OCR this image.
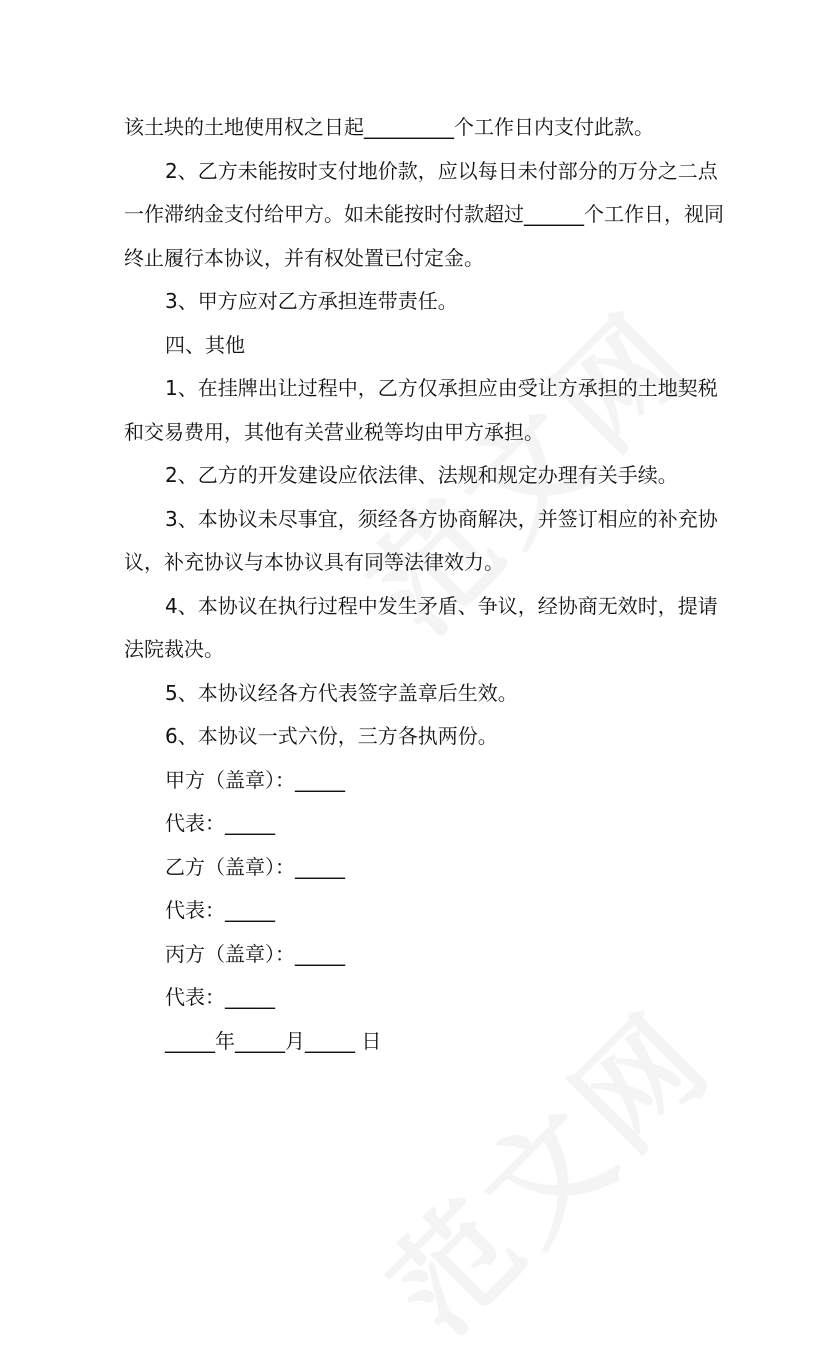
该土块的土地使用权之日起_________个工作日内支付此款。
2、乙方未能按时支付地价款，应以每日未付部分的万分之二点
一作滞纳金支付给甲方。如未能按时付款超过______个工作日，视同
终止履行本协议，并有权处置已付定金。
3、甲方应对乙方承担连带责任。
四、其他
1、在挂牌出让过程中，乙方仅承担应由受让方承担的土地契税
和交易费用，其他有关营业税等均由甲方承担。
2、乙方的开发建设应依法律、法规和规定办理有关手续。
3、本协议未尽事宜，须经各方协商解决，并签订相应的补充协
议，补充协议与本协议具有同等法律效力。
4、本协议在执行过程中发生矛盾、争议，经协商无效时，提请
法院裁决。
5、本协议经各方代表签字盖章后生效。
6、本协议一式六份，三方各执两份。
甲方（盖章）：_____
代表：_____
乙方（盖章）：_____
代表：_____
丙方（盖章）：_____
代表：_____
_____年_____月_____ 日
